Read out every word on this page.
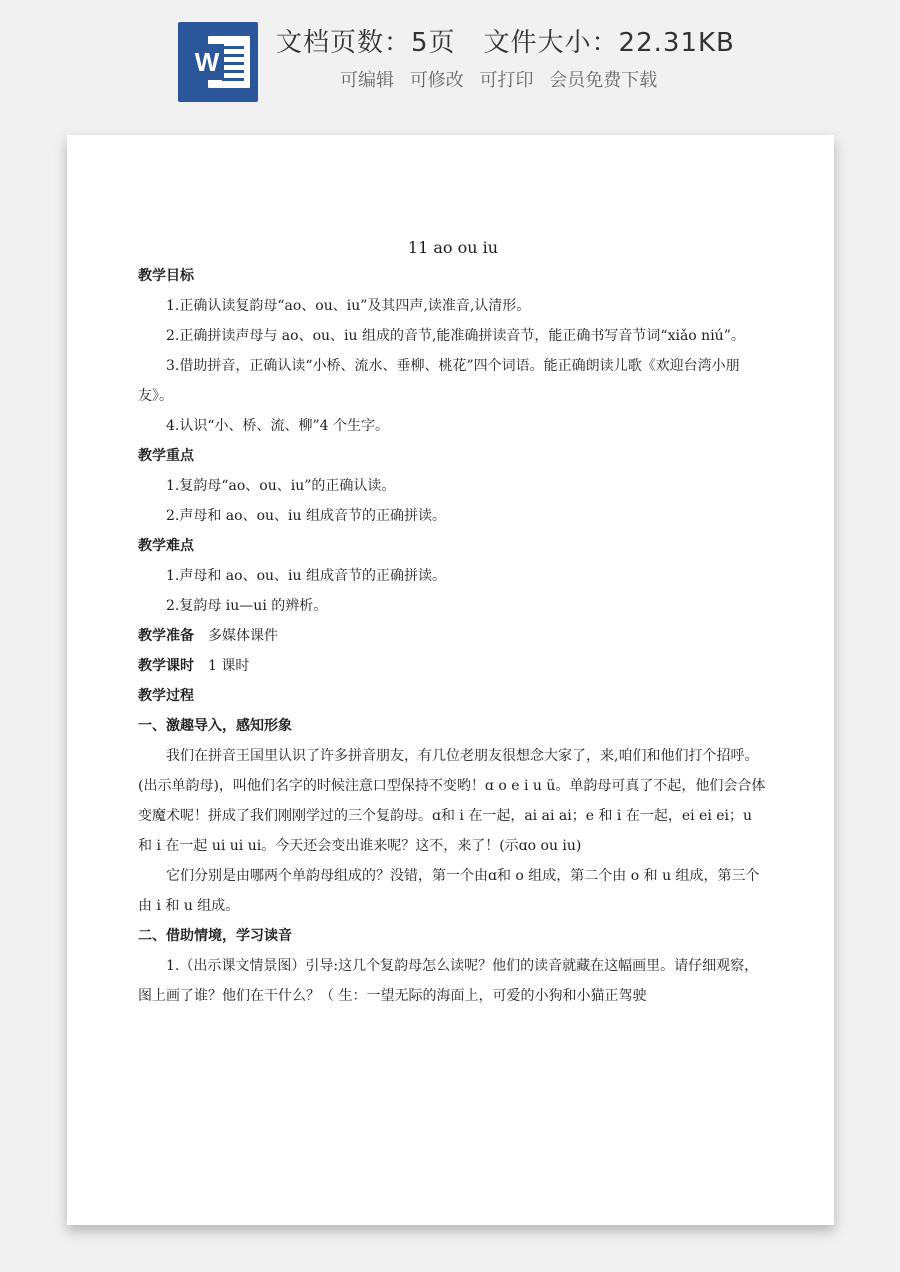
W
文档页数：5页 文件大小：22.31KB
可编辑 可修改 可打印 会员免费下载
11 ao ou iu
教学目标
1.正确认读复韵母“ao、ou、iu”及其四声,读准音,认清形。
2.正确拼读声母与 ao、ou、iu 组成的音节,能准确拼读音节，能正确书写音节词“xiǎo niú”。
3.借助拼音，正确认读“小桥、流水、垂柳、桃花”四个词语。能正确朗读儿歌《欢迎台湾小朋友》。
4.认识“小、桥、流、柳”4 个生字。
教学重点
1.复韵母“ao、ou、iu”的正确认读。
2.声母和 ao、ou、iu 组成音节的正确拼读。
教学难点
1.声母和 ao、ou、iu 组成音节的正确拼读。
2.复韵母 iu—ui 的辨析。
教学准备 多媒体课件
教学课时 1 课时
教学过程
一、激趣导入，感知形象
我们在拼音王国里认识了许多拼音朋友，有几位老朋友很想念大家了，来,咱们和他们打个招呼。(出示单韵母)，叫他们名字的时候注意口型保持不变哟！ɑ o e i u ü。单韵母可真了不起，他们会合体变魔术呢！拼成了我们刚刚学过的三个复韵母。ɑ和 i 在一起，ai ai ai；e 和 i 在一起，ei ei ei；u 和 i 在一起 ui ui ui。今天还会变出谁来呢？这不，来了！(示ɑo ou iu)
它们分别是由哪两个单韵母组成的？没错，第一个由ɑ和 o 组成，第二个由 o 和 u 组成，第三个由 i 和 u 组成。
二、借助情境，学习读音
1.（出示课文情景图）引导:这几个复韵母怎么读呢？他们的读音就藏在这幅画里。请仔细观察，图上画了谁？他们在干什么？（ 生：一望无际的海面上，可爱的小狗和小猫正驾驶
